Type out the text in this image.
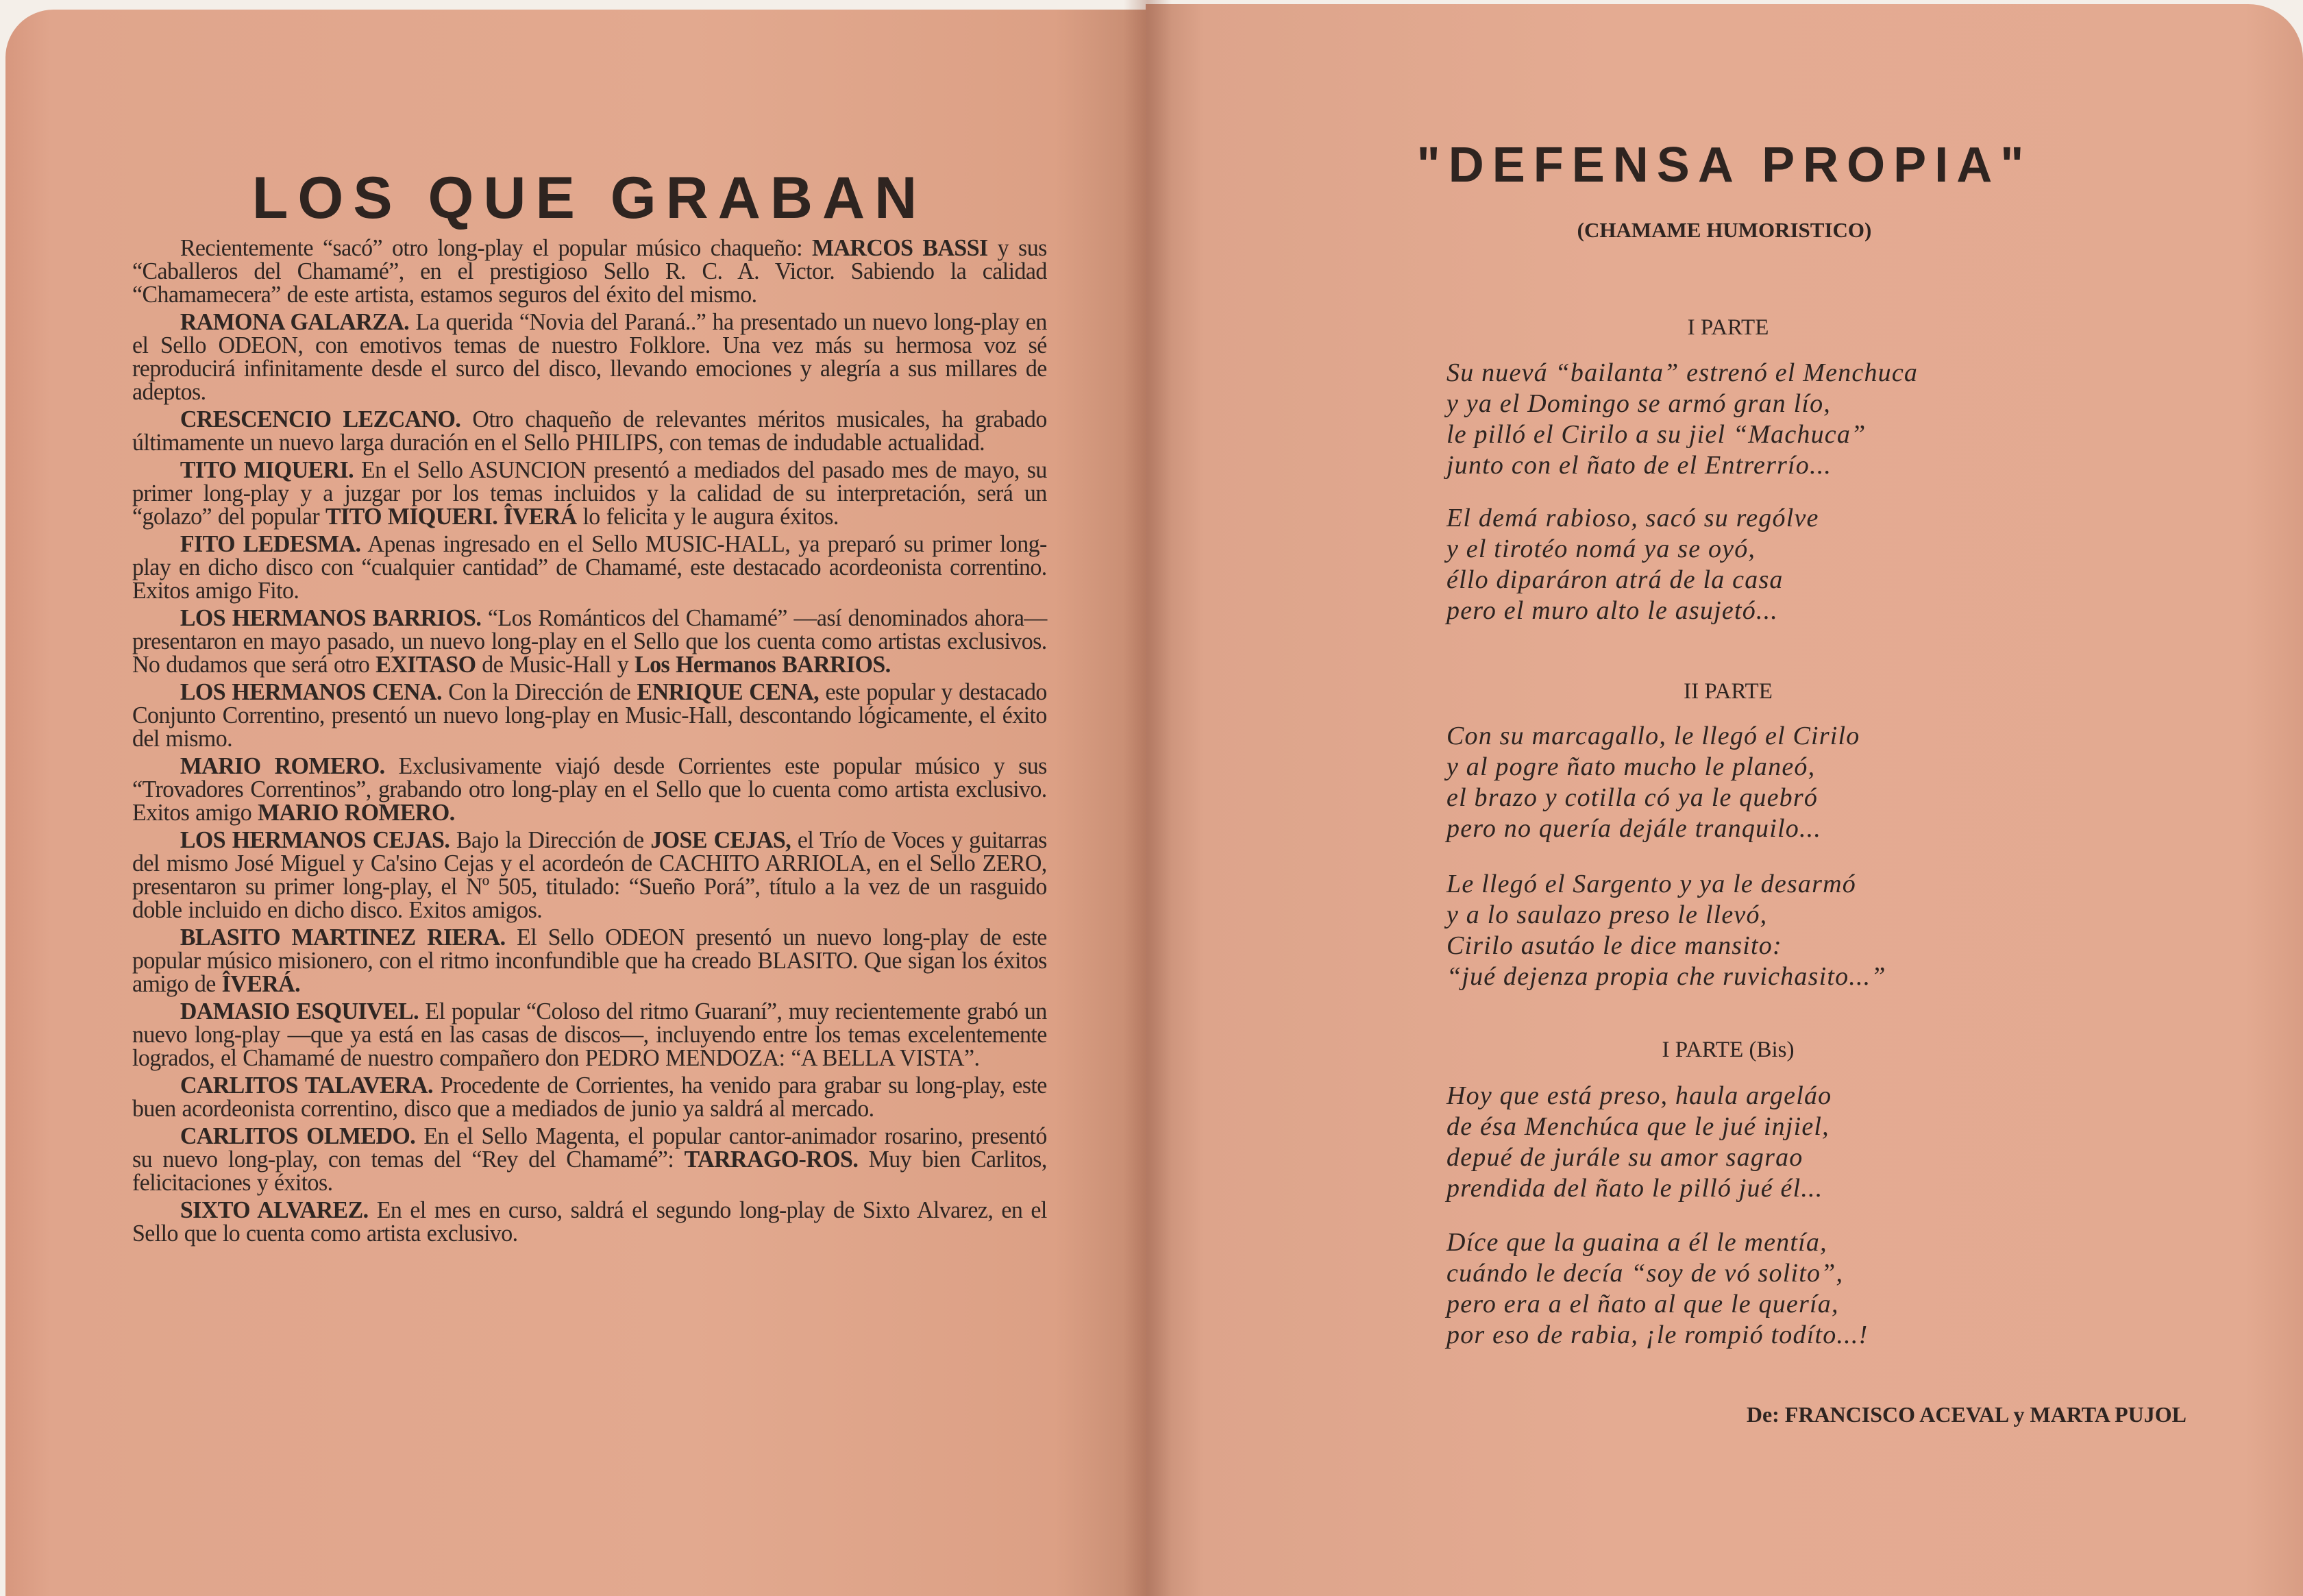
LOS QUE GRABAN

Recientemente “sacó” otro long-play el popular músico chaqueño: MARCOS BASSI y sus “Caballeros del Chamamé”, en el prestigioso Sello R. C. A. Victor. Sabiendo la calidad “Chamamecera” de este artista, estamos seguros del éxito del mismo.

RAMONA GALARZA. La querida “Novia del Paraná..” ha presentado un nuevo long-play en el Sello ODEON, con emotivos temas de nuestro Folklore. Una vez más su hermosa voz sé reproducirá infinitamente desde el surco del disco, llevando emociones y alegría a sus millares de adeptos.

CRESCENCIO LEZCANO. Otro chaqueño de relevantes méritos musicales, ha grabado últimamente un nuevo larga duración en el Sello PHILIPS, con temas de indudable actualidad.

TITO MIQUERI. En el Sello ASUNCION presentó a mediados del pasado mes de mayo, su primer long-play y a juzgar por los temas incluidos y la calidad de su interpretación, será un “golazo” del popular TITO MIQUERI. ÎVERÁ lo felicita y le augura éxitos.

FITO LEDESMA. Apenas ingresado en el Sello MUSIC-HALL, ya preparó su primer long-play en dicho disco con “cualquier cantidad” de Chamamé, este destacado acordeonista correntino. Exitos amigo Fito.

LOS HERMANOS BARRIOS. “Los Románticos del Chamamé” —así denominados ahora— presentaron en mayo pasado, un nuevo long-play en el Sello que los cuenta como artistas exclusivos. No dudamos que será otro EXITASO de Music-Hall y Los Hermanos BARRIOS.

LOS HERMANOS CENA. Con la Dirección de ENRIQUE CENA, este popular y destacado Conjunto Correntino, presentó un nuevo long-play en Music-Hall, descontando lógicamente, el éxito del mismo.

MARIO ROMERO. Exclusivamente viajó desde Corrientes este popular músico y sus “Trovadores Correntinos”, grabando otro long-play en el Sello que lo cuenta como artista exclusivo. Exitos amigo MARIO ROMERO.

LOS HERMANOS CEJAS. Bajo la Dirección de JOSE CEJAS, el Trío de Voces y guitarras del mismo José Miguel y Ca'sino Cejas y el acordeón de CACHITO ARRIOLA, en el Sello ZERO, presentaron su primer long-play, el Nº 505, titulado: “Sueño Porá”, título a la vez de un rasguido doble incluido en dicho disco. Exitos amigos.

BLASITO MARTINEZ RIERA. El Sello ODEON presentó un nuevo long-play de este popular músico misionero, con el ritmo inconfundible que ha creado BLASITO. Que sigan los éxitos amigo de ÎVERÁ.

DAMASIO ESQUIVEL. El popular “Coloso del ritmo Guaraní”, muy recientemente grabó un nuevo long-play —que ya está en las casas de discos—, incluyendo entre los temas excelentemente logrados, el Chamamé de nuestro compañero don PEDRO MENDOZA: “A BELLA VISTA”.

CARLITOS TALAVERA. Procedente de Corrientes, ha venido para grabar su long-play, este buen acordeonista correntino, disco que a mediados de junio ya saldrá al mercado.

CARLITOS OLMEDO. En el Sello Magenta, el popular cantor-animador rosarino, presentó su nuevo long-play, con temas del “Rey del Chamamé”: TARRAGO-ROS. Muy bien Carlitos, felicitaciones y éxitos.

SIXTO ALVAREZ. En el mes en curso, saldrá el segundo long-play de Sixto Alvarez, en el Sello que lo cuenta como artista exclusivo.

"DEFENSA PROPIA"
(CHAMAME HUMORISTICO)
I PARTE
Su nuevá “bailanta” estrenó el Menchuca
y ya el Domingo se armó gran lío,
le pilló el Cirilo a su jiel “Machuca”
junto con el ñato de el Entrerrío...
El demá rabioso, sacó su rególve
y el tirotéo nomá ya se oyó,
éllo diparáron atrá de la casa
pero el muro alto le asujetó...
II PARTE
Con su marcagallo, le llegó el Cirilo
y al pogre ñato mucho le planeó,
el brazo y cotilla có ya le quebró
pero no quería dejále tranquilo...
Le llegó el Sargento y ya le desarmó
y a lo saulazo preso le llevó,
Cirilo asutáo le dice mansito:
“jué dejenza propia che ruvichasito...”
I PARTE (Bis)
Hoy que está preso, haula argeláo
de ésa Menchúca que le jué injiel,
depué de jurále su amor sagrao
prendida del ñato le pilló jué él...
Díce que la guaina a él le mentía,
cuándo le decía “soy de vó solito”,
pero era a el ñato al que le quería,
por eso de rabia, ¡le rompió todíto...!
De: FRANCISCO ACEVAL y MARTA PUJOL
